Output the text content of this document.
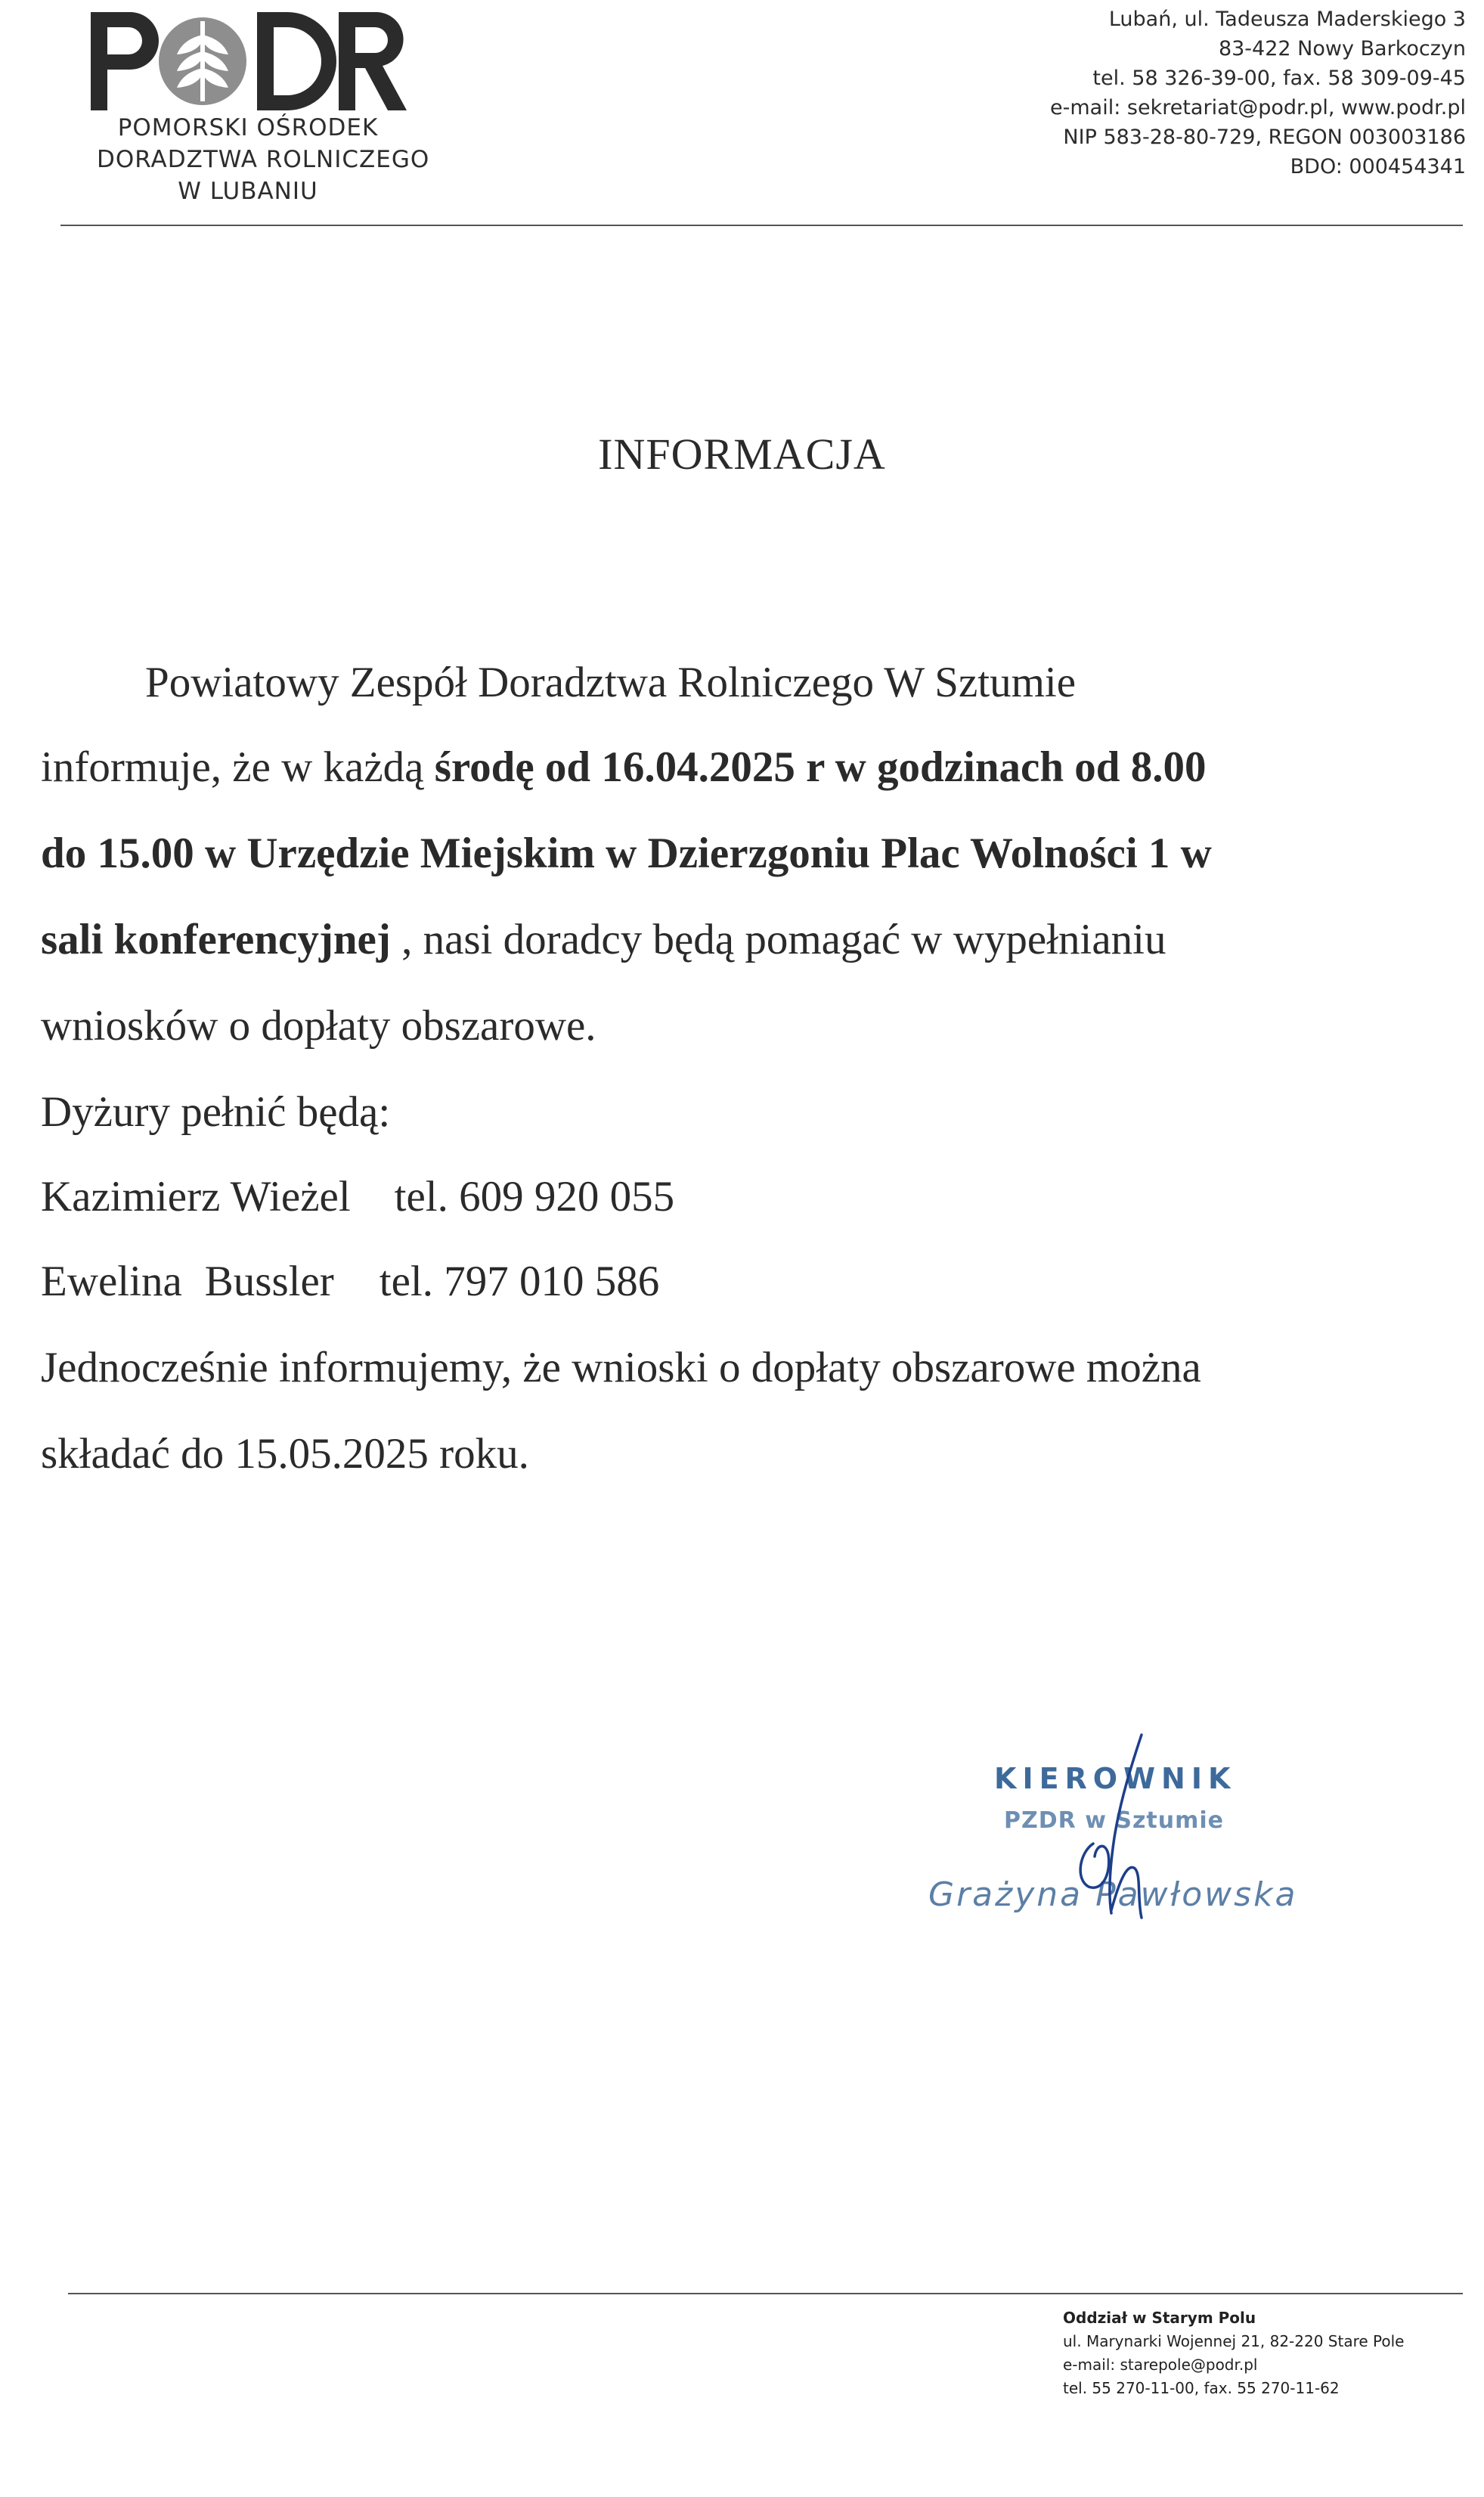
POMORSKI OŚRODEK
DORADZTWA ROLNICZEGO
W LUBANIU
Lubań, ul. Tadeusza Maderskiego 3
83-422 Nowy Barkoczyn
tel. 58 326-39-00, fax. 58 309-09-45
e-mail: sekretariat@podr.pl, www.podr.pl
NIP 583-28-80-729, REGON 003003186
BDO: 000454341
INFORMACJA
Powiatowy Zespół Doradztwa Rolniczego W Sztumie
informuje, że w każdą środę od 16.04.2025 r w godzinach od 8.00
do 15.00 w Urzędzie Miejskim w Dzierzgoniu Plac Wolności 1 w
sali konferencyjnej , nasi doradcy będą pomagać w wypełnianiu
wniosków o dopłaty obszarowe.
Dyżury pełnić będą:
Kazimierz Wieżel tel. 609 920 055
Ewelina Bussler tel. 797 010 586
Jednocześnie informujemy, że wnioski o dopłaty obszarowe można
składać do 15.05.2025 roku.
KIEROWNIK
PZDR w Sztumie
Grażyna Pawłowska
Oddział w Starym Polu
ul. Marynarki Wojennej 21, 82-220 Stare Pole
e-mail: starepole@podr.pl
tel. 55 270-11-00, fax. 55 270-11-62
